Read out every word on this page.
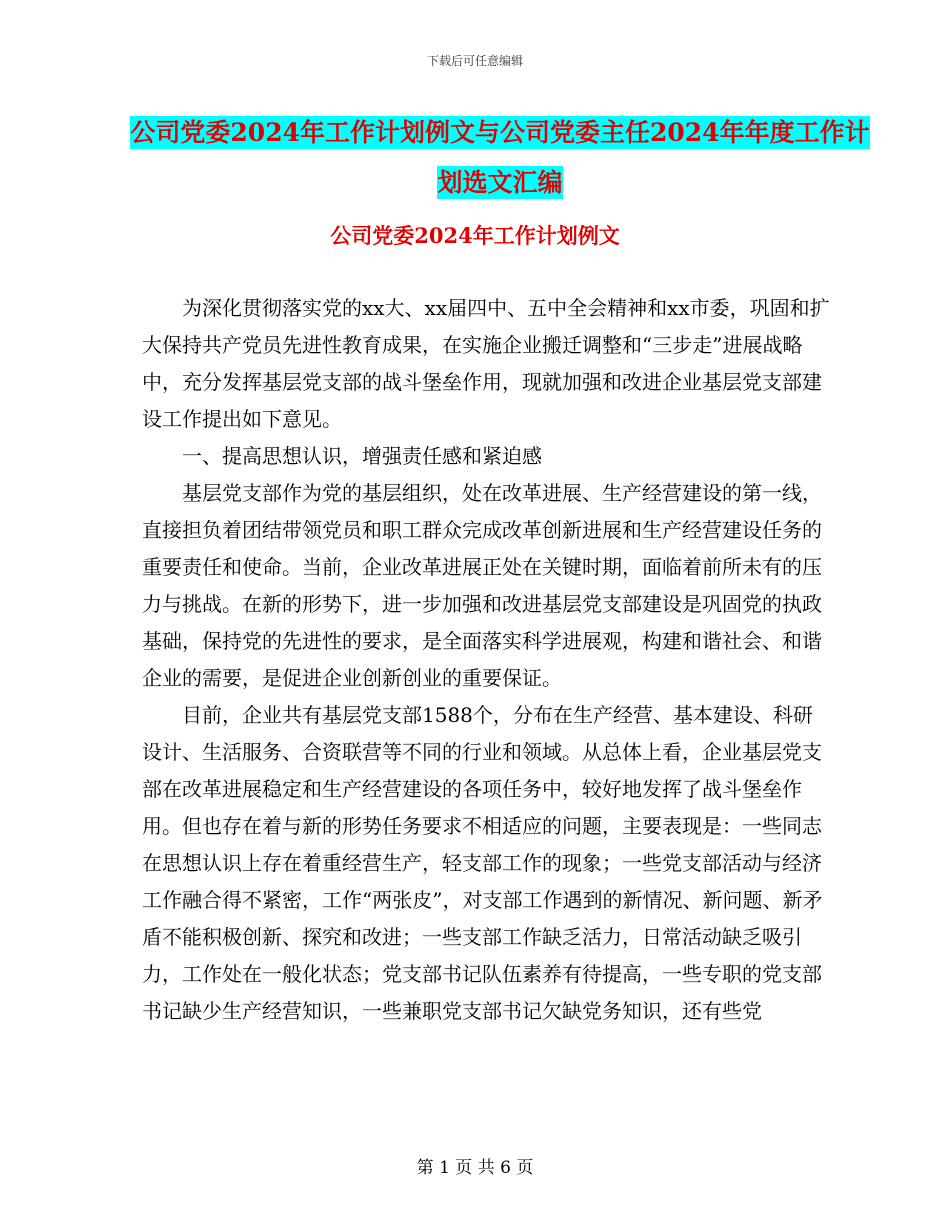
下载后可任意编辑
公司党委2024年工作计划例文与公司党委主任2024年年度工作计划选文汇编
公司党委2024年工作计划例文

为深化贯彻落实党的xx大、xx届四中、五中全会精神和xx市委，巩固和扩大保持共产党员先进性教育成果，在实施企业搬迁调整和“三步走”进展战略中，充分发挥基层党支部的战斗堡垒作用，现就加强和改进企业基层党支部建设工作提出如下意见。

一、提高思想认识，增强责任感和紧迫感

基层党支部作为党的基层组织，处在改革进展、生产经营建设的第一线，直接担负着团结带领党员和职工群众完成改革创新进展和生产经营建设任务的重要责任和使命。当前，企业改革进展正处在关键时期，面临着前所未有的压力与挑战。在新的形势下，进一步加强和改进基层党支部建设是巩固党的执政基础，保持党的先进性的要求，是全面落实科学进展观，构建和谐社会、和谐企业的需要，是促进企业创新创业的重要保证。

目前，企业共有基层党支部1588个，分布在生产经营、基本建设、科研设计、生活服务、合资联营等不同的行业和领域。从总体上看，企业基层党支部在改革进展稳定和生产经营建设的各项任务中，较好地发挥了战斗堡垒作用。但也存在着与新的形势任务要求不相适应的问题，主要表现是：一些同志在思想认识上存在着重经营生产，轻支部工作的现象；一些党支部活动与经济工作融合得不紧密，工作“两张皮”，对支部工作遇到的新情况、新问题、新矛盾不能积极创新、探究和改进；一些支部工作缺乏活力，日常活动缺乏吸引力，工作处在一般化状态；党支部书记队伍素养有待提高，一些专职的党支部书记缺少生产经营知识，一些兼职党支部书记欠缺党务知识，还有些党

第 1 页 共 6 页
